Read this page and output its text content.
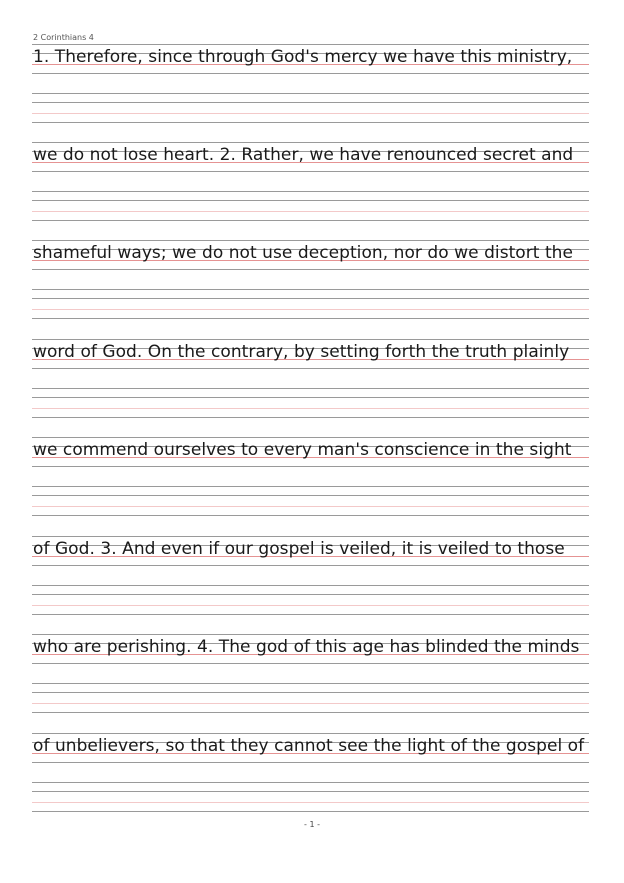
2 Corinthians 4
1. Therefore, since through God's mercy we have this ministry,
we do not lose heart. 2. Rather, we have renounced secret and
shameful ways; we do not use deception, nor do we distort the
word of God. On the contrary, by setting forth the truth plainly
we commend ourselves to every man's conscience in the sight
of God. 3. And even if our gospel is veiled, it is veiled to those
who are perishing. 4. The god of this age has blinded the minds
of unbelievers, so that they cannot see the light of the gospel of
- 1 -
